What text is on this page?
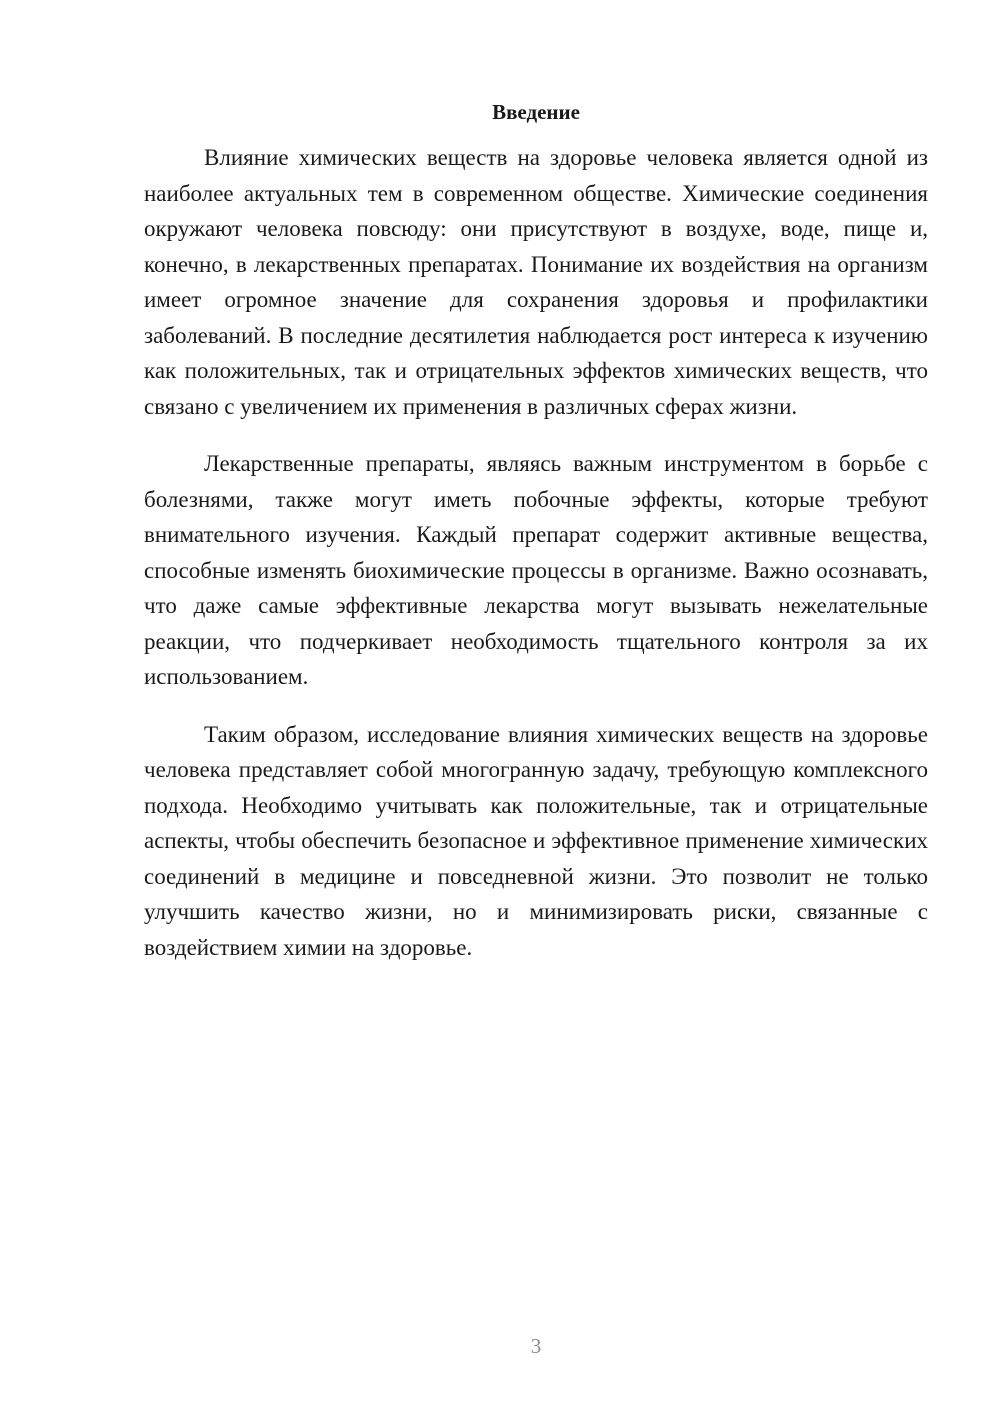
Введение

Влияние химических веществ на здоровье человека является одной из наиболее актуальных тем в современном обществе. Химические соединения окружают человека повсюду: они присутствуют в воздухе, воде, пище и, конечно, в лекарственных препаратах. Понимание их воздействия на организм имеет огромное значение для сохранения здоровья и профилактики заболеваний. В последние десятилетия наблюдается рост интереса к изучению как положительных, так и отрицательных эффектов химических веществ, что связано с увеличением их применения в различных сферах жизни.

Лекарственные препараты, являясь важным инструментом в борьбе с болезнями, также могут иметь побочные эффекты, которые требуют внимательного изучения. Каждый препарат содержит активные вещества, способные изменять биохимические процессы в организме. Важно осознавать, что даже самые эффективные лекарства могут вызывать нежелательные реакции, что подчеркивает необходимость тщательного контроля за их использованием.

Таким образом, исследование влияния химических веществ на здоровье человека представляет собой многогранную задачу, требующую комплексного подхода. Необходимо учитывать как положительные, так и отрицательные аспекты, чтобы обеспечить безопасное и эффективное применение химических соединений в медицине и повседневной жизни. Это позволит не только улучшить качество жизни, но и минимизировать риски, связанные с воздействием химии на здоровье.

3
